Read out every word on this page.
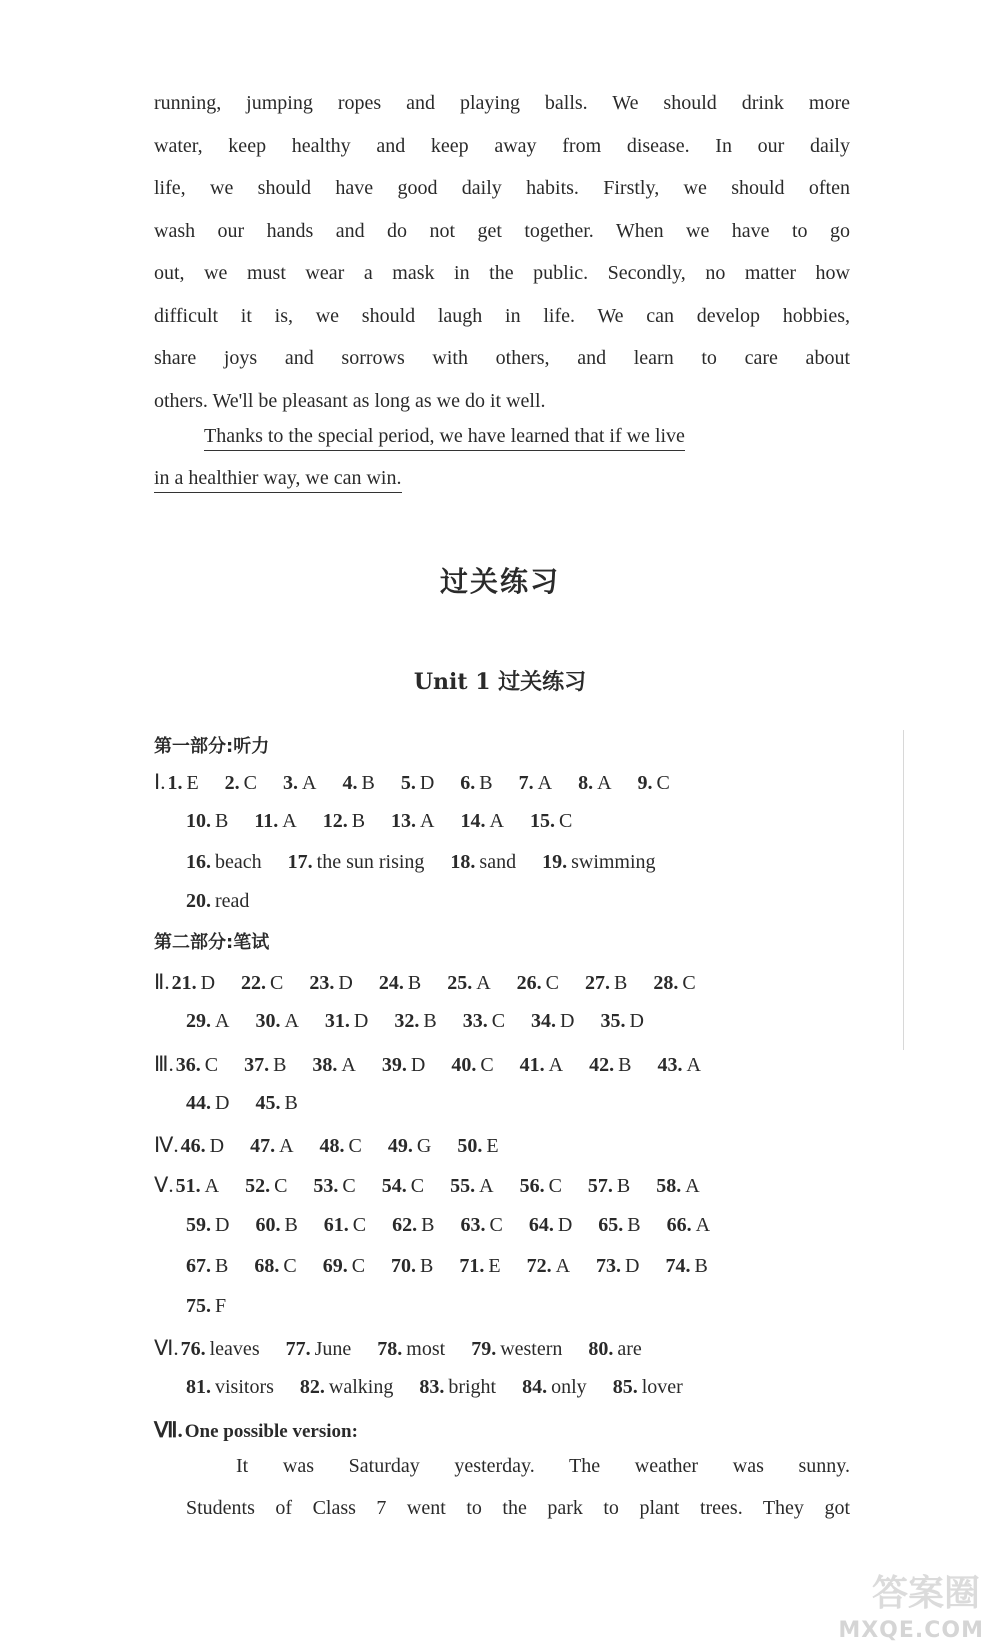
running, jumping ropes and playing balls. We should drink more
water, keep healthy and keep away from disease. In our daily
life, we should have good daily habits. Firstly, we should often
wash our hands and do not get together. When we have to go
out, we must wear a mask in the public. Secondly, no matter how
difficult it is, we should laugh in life. We can develop hobbies,
share joys and sorrows with others, and learn to care about
others. We'll be pleasant as long as we do it well.
Thanks to the special period, we have learned that if we live
in a healthier way, we can win.
过关练习
Unit 1 过关练习
第一部分:听力
Ⅰ. 1. E 2. C 3. A 4. B 5. D 6. B 7. A 8. A 9. C
10. B 11. A 12. B 13. A 14. A 15. C
16. beach 17. the sun rising 18. sand 19. swimming
20. read
第二部分:笔试
Ⅱ. 21. D 22. C 23. D 24. B 25. A 26. C 27. B 28. C
29. A 30. A 31. D 32. B 33. C 34. D 35. D
Ⅲ. 36. C 37. B 38. A 39. D 40. C 41. A 42. B 43. A
44. D 45. B
Ⅳ. 46. D 47. A 48. C 49. G 50. E
Ⅴ. 51. A 52. C 53. C 54. C 55. A 56. C 57. B 58. A
59. D 60. B 61. C 62. B 63. C 64. D 65. B 66. A
67. B 68. C 69. C 70. B 71. E 72. A 73. D 74. B
75. F
Ⅵ. 76. leaves 77. June 78. most 79. western 80. are
81. visitors 82. walking 83. bright 84. only 85. lover
Ⅶ. One possible version:
It was Saturday yesterday. The weather was sunny.
Students of Class 7 went to the park to plant trees. They got
答案圈
MXQE.COM
